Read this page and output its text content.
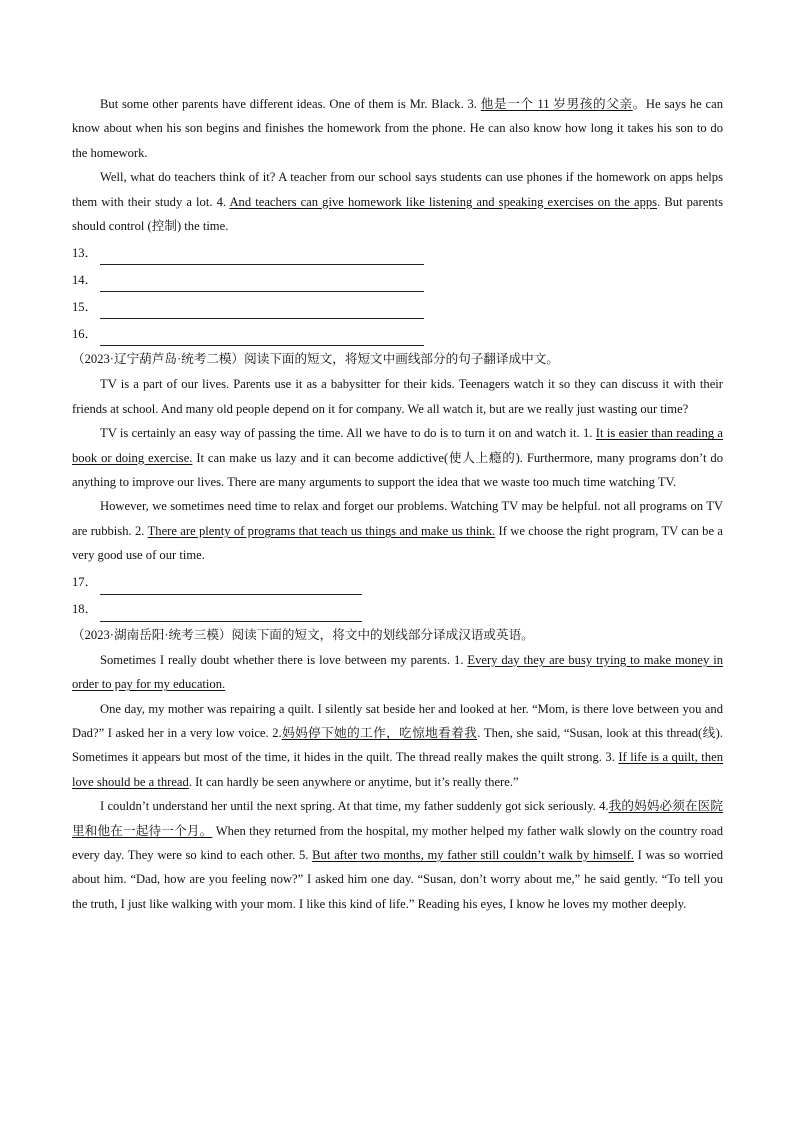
But some other parents have different ideas. One of them is Mr. Black. 3. 他是一个 11 岁男孩的父亲。He says he can know about when his son begins and finishes the homework from the phone. He can also know how long it takes his son to do the homework.

Well, what do teachers think of it? A teacher from our school says students can use phones if the homework on apps helps them with their study a lot. 4. And teachers can give homework like listening and speaking exercises on the apps. But parents should control (控制) the time.

13．
14．
15．
16．

（2023·辽宁葫芦岛·统考二模）阅读下面的短文，将短文中画线部分的句子翻译成中文。

TV is a part of our lives. Parents use it as a babysitter for their kids. Teenagers watch it so they can discuss it with their friends at school. And many old people depend on it for company. We all watch it, but are we really just wasting our time?

TV is certainly an easy way of passing the time. All we have to do is to turn it on and watch it. 1. It is easier than reading a book or doing exercise. It can make us lazy and it can become addictive(使人上瘾的). Furthermore, many programs don’t do anything to improve our lives. There are many arguments to support the idea that we waste too much time watching TV.

However, we sometimes need time to relax and forget our problems. Watching TV may be helpful. not all programs on TV are rubbish. 2. There are plenty of programs that teach us things and make us think. If we choose the right program, TV can be a very good use of our time.

17．
18．

（2023·湖南岳阳·统考三模）阅读下面的短文，将文中的划线部分译成汉语或英语。

Sometimes I really doubt whether there is love between my parents. 1. Every day they are busy trying to make money in order to pay for my education.

One day, my mother was repairing a quilt. I silently sat beside her and looked at her. “Mom, is there love between you and Dad?” I asked her in a very low voice. 2.妈妈停下她的工作，吃惊地看着我. Then, she said, “Susan, look at this thread(线). Sometimes it appears but most of the time, it hides in the quilt. The thread really makes the quilt strong. 3. If life is a quilt, then love should be a thread. It can hardly be seen anywhere or anytime, but it’s really there.”

I couldn’t understand her until the next spring. At that time, my father suddenly got sick seriously. 4.我的妈妈必须在医院里和他在一起待一个月。 When they returned from the hospital, my mother helped my father walk slowly on the country road every day. They were so kind to each other. 5. But after two months, my father still couldn’t walk by himself. I was so worried about him. “Dad, how are you feeling now?” I asked him one day. “Susan, don’t worry about me,” he said gently. “To tell you the truth, I just like walking with your mom. I like this kind of life.” Reading his eyes, I know he loves my mother deeply.
